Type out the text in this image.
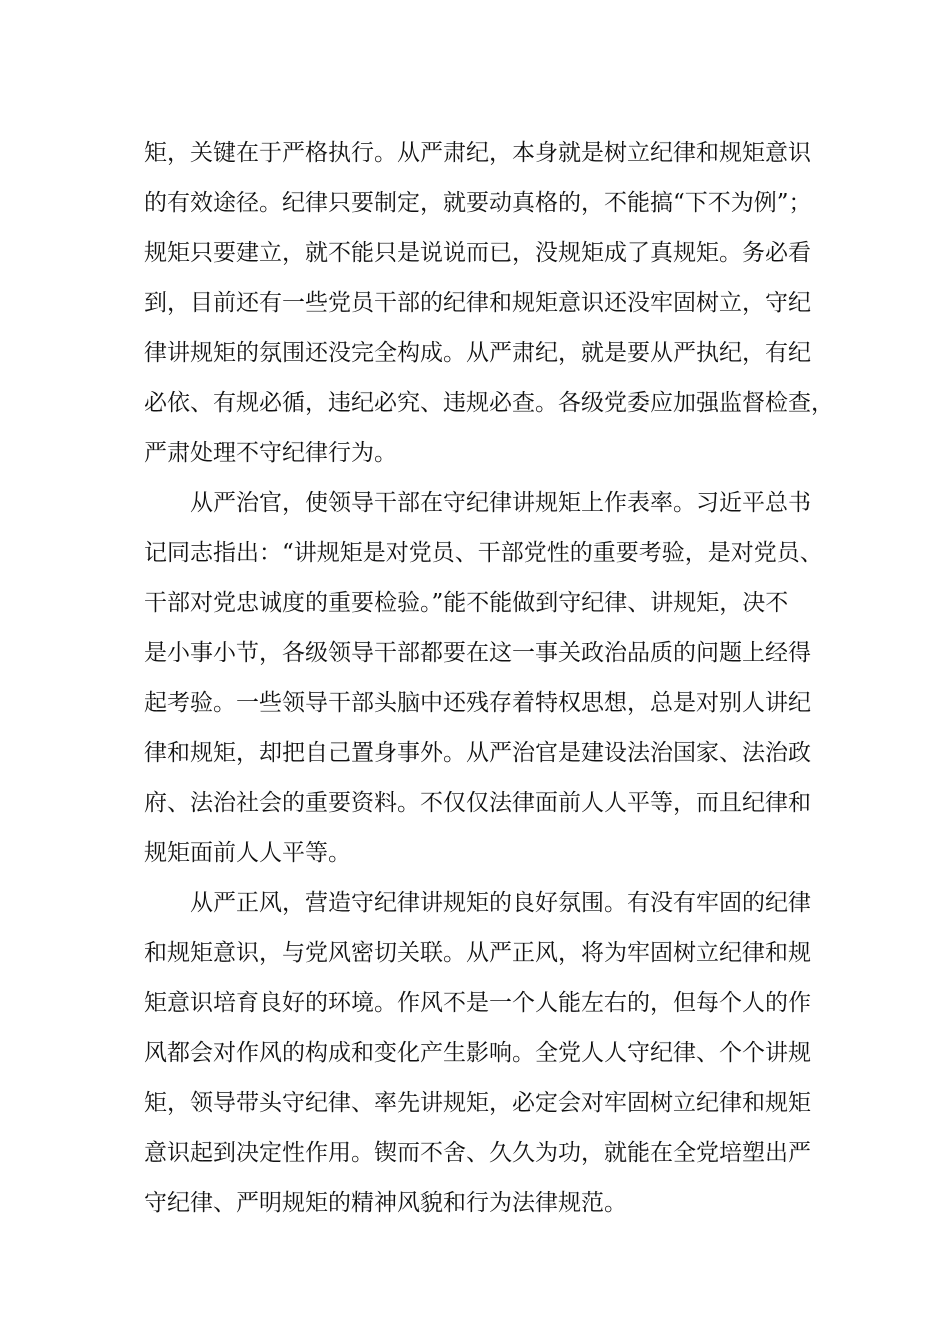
矩，关键在于严格执行。从严肃纪，本身就是树立纪律和规矩意识
的有效途径。纪律只要制定，就要动真格的，不能搞“下不为例”；
规矩只要建立，就不能只是说说而已，没规矩成了真规矩。务必看
到，目前还有一些党员干部的纪律和规矩意识还没牢固树立，守纪
律讲规矩的氛围还没完全构成。从严肃纪，就是要从严执纪，有纪
必依、有规必循，违纪必究、违规必查。各级党委应加强监督检查，
严肃处理不守纪律行为。

从严治官，使领导干部在守纪律讲规矩上作表率。习近平总书
记同志指出：“讲规矩是对党员、干部党性的重要考验，是对党员、
干部对党忠诚度的重要检验。”能不能做到守纪律、讲规矩，决不
是小事小节，各级领导干部都要在这一事关政治品质的问题上经得
起考验。一些领导干部头脑中还残存着特权思想，总是对别人讲纪
律和规矩，却把自己置身事外。从严治官是建设法治国家、法治政
府、法治社会的重要资料。不仅仅法律面前人人平等，而且纪律和
规矩面前人人平等。

从严正风，营造守纪律讲规矩的良好氛围。有没有牢固的纪律
和规矩意识，与党风密切关联。从严正风，将为牢固树立纪律和规
矩意识培育良好的环境。作风不是一个人能左右的，但每个人的作
风都会对作风的构成和变化产生影响。全党人人守纪律、个个讲规
矩，领导带头守纪律、率先讲规矩，必定会对牢固树立纪律和规矩
意识起到决定性作用。锲而不舍、久久为功，就能在全党培塑出严
守纪律、严明规矩的精神风貌和行为法律规范。
